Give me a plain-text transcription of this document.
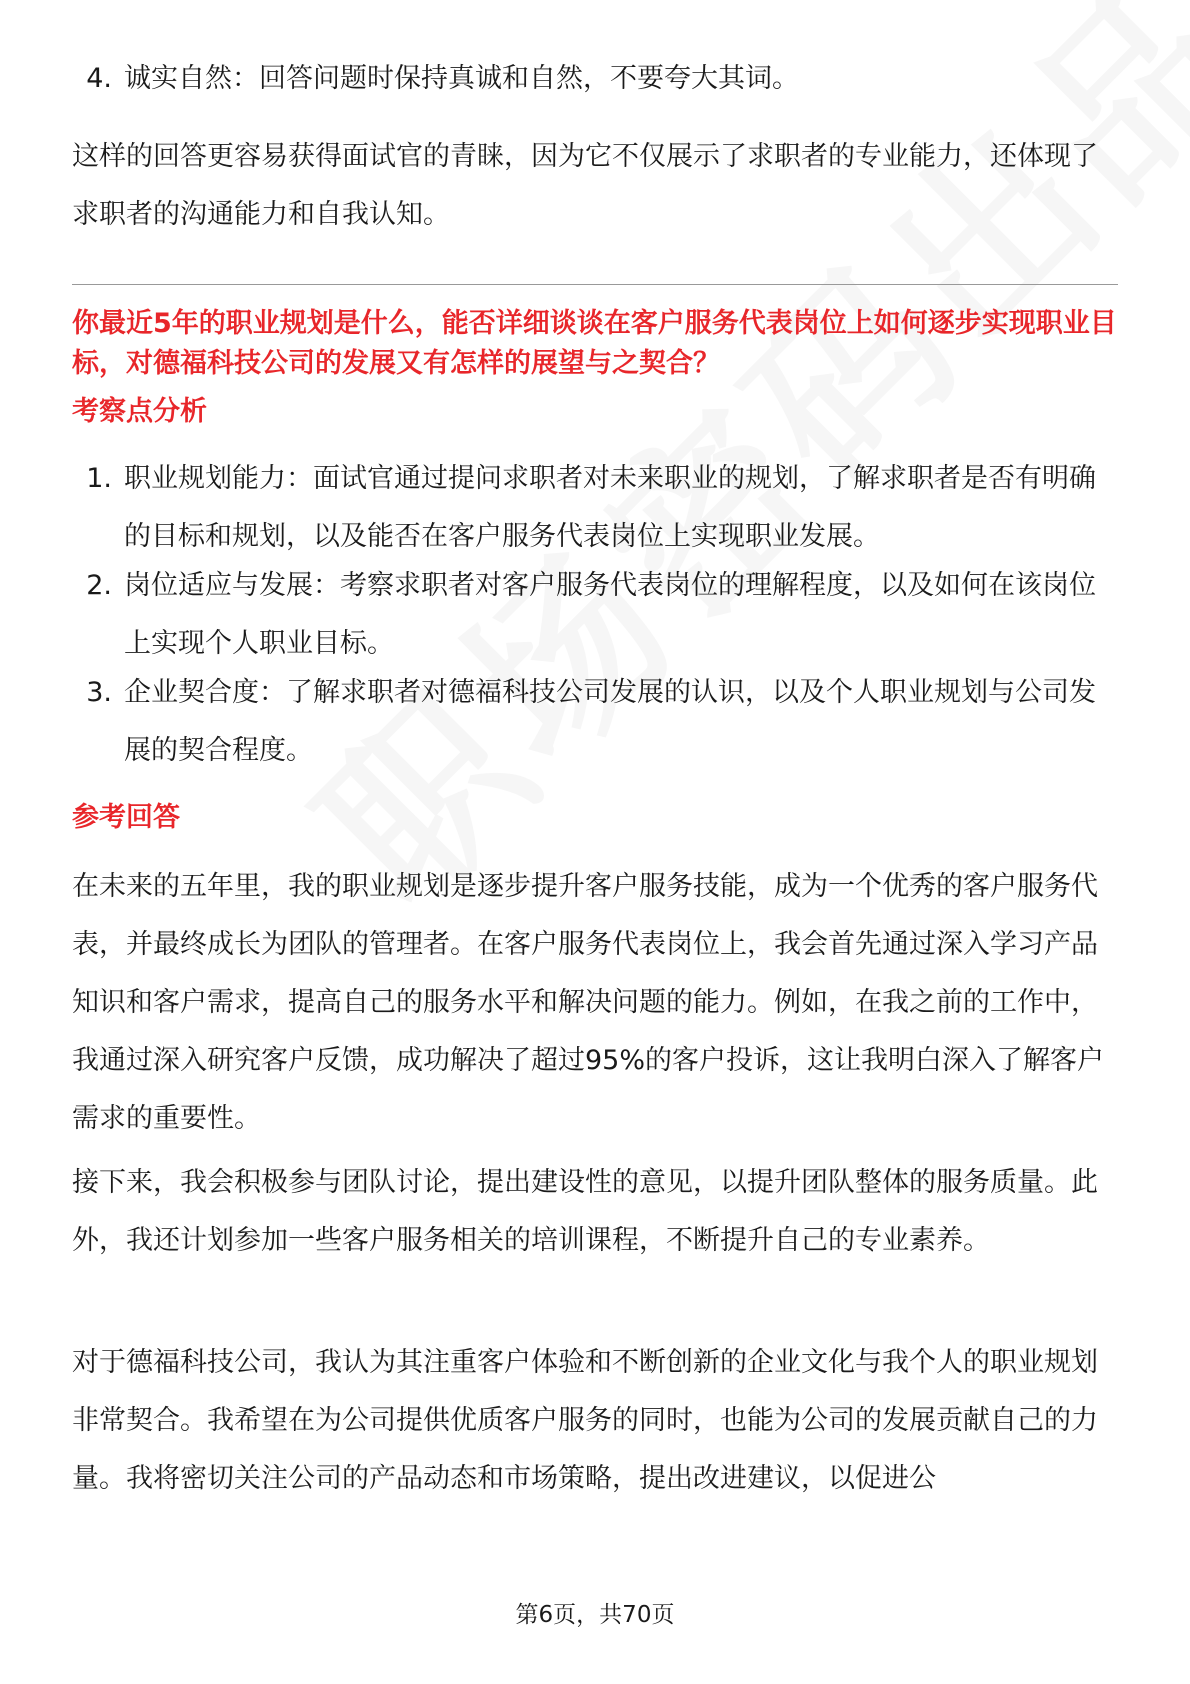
4. 诚实自然：回答问题时保持真诚和自然，不要夸大其词。
这样的回答更容易获得面试官的青睐，因为它不仅展示了求职者的专业能力，还体现了求职者的沟通能力和自我认知。
你最近5年的职业规划是什么，能否详细谈谈在客户服务代表岗位上如何逐步实现职业目标，对德福科技公司的发展又有怎样的展望与之契合？
考察点分析
1. 职业规划能力：面试官通过提问求职者对未来职业的规划，了解求职者是否有明确的目标和规划，以及能否在客户服务代表岗位上实现职业发展。
2. 岗位适应与发展：考察求职者对客户服务代表岗位的理解程度，以及如何在该岗位上实现个人职业目标。
3. 企业契合度：了解求职者对德福科技公司发展的认识，以及个人职业规划与公司发展的契合程度。
参考回答
在未来的五年里，我的职业规划是逐步提升客户服务技能，成为一个优秀的客户服务代表，并最终成长为团队的管理者。在客户服务代表岗位上，我会首先通过深入学习产品知识和客户需求，提高自己的服务水平和解决问题的能力。例如，在我之前的工作中，我通过深入研究客户反馈，成功解决了超过95%的客户投诉，这让我明白深入了解客户需求的重要性。
接下来，我会积极参与团队讨论，提出建设性的意见，以提升团队整体的服务质量。此外，我还计划参加一些客户服务相关的培训课程，不断提升自己的专业素养。
对于德福科技公司，我认为其注重客户体验和不断创新的企业文化与我个人的职业规划非常契合。我希望在为公司提供优质客户服务的同时，也能为公司的发展贡献自己的力量。我将密切关注公司的产品动态和市场策略，提出改进建议，以促进公
第6页，共70页
